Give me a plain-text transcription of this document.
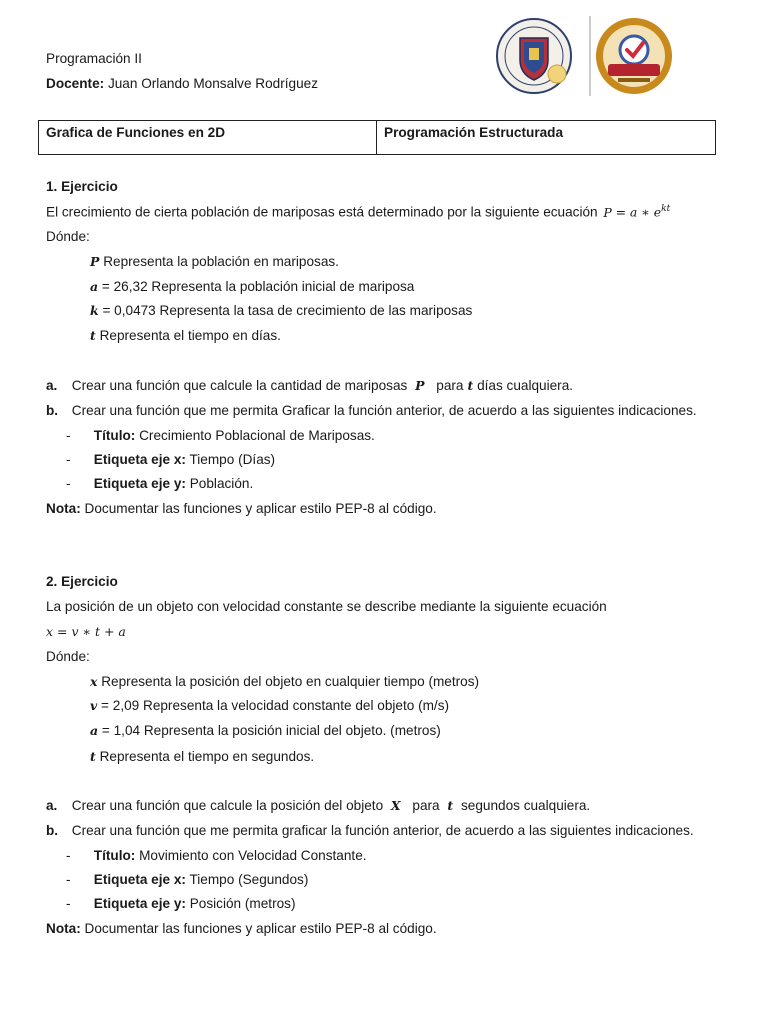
Programación II
Docente: Juan Orlando Monsalve Rodríguez
Grafica de Funciones en 2D	Programación Estructurada
1. Ejercicio
El crecimiento de cierta población de mariposas está determinado por la siguiente ecuación P = a ∗ $e^{kt}$
Dónde:
P Representa la población en mariposas.
a = 26,32 Representa la población inicial de mariposa
k = 0,0473 Representa la tasa de crecimiento de las mariposas
t Representa el tiempo en días.
a. Crear una función que calcule la cantidad de mariposas P para t días cualquiera.
b. Crear una función que me permita Graficar la función anterior, de acuerdo a las siguientes indicaciones.
- Título: Crecimiento Poblacional de Mariposas.
- Etiqueta eje x: Tiempo (Días)
- Etiqueta eje y: Población.
Nota: Documentar las funciones y aplicar estilo PEP-8 al código.
2. Ejercicio
La posición de un objeto con velocidad constante se describe mediante la siguiente ecuación
x = v ∗ t + a
Dónde:
x Representa la posición del objeto en cualquier tiempo (metros)
v = 2,09 Representa la velocidad constante del objeto (m/s)
a = 1,04 Representa la posición inicial del objeto. (metros)
t Representa el tiempo en segundos.
a. Crear una función que calcule la posición del objeto X para t segundos cualquiera.
b. Crear una función que me permita graficar la función anterior, de acuerdo a las siguientes indicaciones.
- Título: Movimiento con Velocidad Constante.
- Etiqueta eje x: Tiempo (Segundos)
- Etiqueta eje y: Posición (metros)
Nota: Documentar las funciones y aplicar estilo PEP-8 al código.
